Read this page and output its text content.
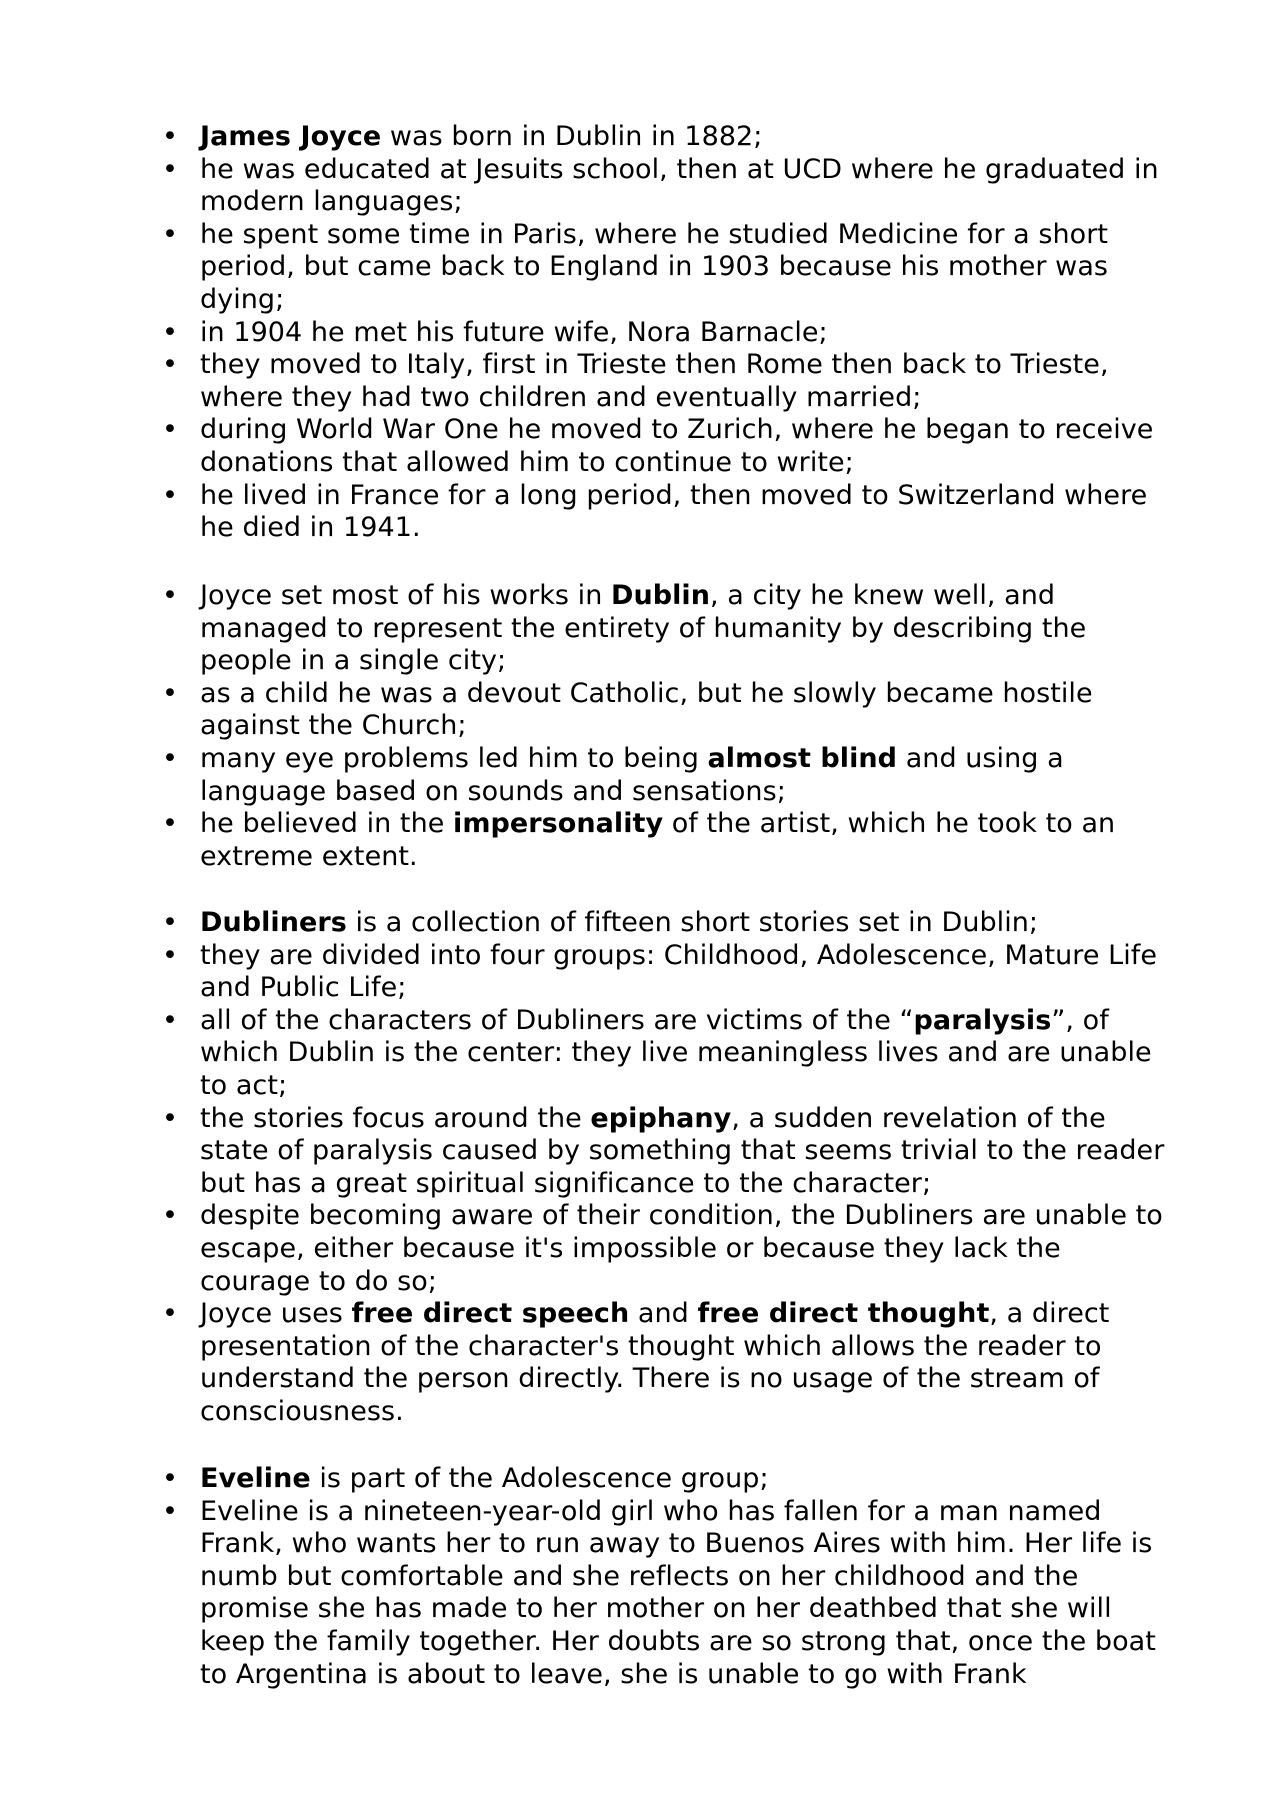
• James Joyce was born in Dublin in 1882;
• he was educated at Jesuits school, then at UCD where he graduated in modern languages;
• he spent some time in Paris, where he studied Medicine for a short period, but came back to England in 1903 because his mother was dying;
• in 1904 he met his future wife, Nora Barnacle;
• they moved to Italy, first in Trieste then Rome then back to Trieste, where they had two children and eventually married;
• during World War One he moved to Zurich, where he began to receive donations that allowed him to continue to write;
• he lived in France for a long period, then moved to Switzerland where he died in 1941.
• Joyce set most of his works in Dublin, a city he knew well, and managed to represent the entirety of humanity by describing the people in a single city;
• as a child he was a devout Catholic, but he slowly became hostile against the Church;
• many eye problems led him to being almost blind and using a language based on sounds and sensations;
• he believed in the impersonality of the artist, which he took to an extreme extent.
• Dubliners is a collection of fifteen short stories set in Dublin;
• they are divided into four groups: Childhood, Adolescence, Mature Life and Public Life;
• all of the characters of Dubliners are victims of the “paralysis”, of which Dublin is the center: they live meaningless lives and are unable to act;
• the stories focus around the epiphany, a sudden revelation of the state of paralysis caused by something that seems trivial to the reader but has a great spiritual significance to the character;
• despite becoming aware of their condition, the Dubliners are unable to escape, either because it's impossible or because they lack the courage to do so;
• Joyce uses free direct speech and free direct thought, a direct presentation of the character's thought which allows the reader to understand the person directly. There is no usage of the stream of consciousness.
• Eveline is part of the Adolescence group;
• Eveline is a nineteen-year-old girl who has fallen for a man named Frank, who wants her to run away to Buenos Aires with him. Her life is numb but comfortable and she reflects on her childhood and the promise she has made to her mother on her deathbed that she will keep the family together. Her doubts are so strong that, once the boat to Argentina is about to leave, she is unable to go with Frank
